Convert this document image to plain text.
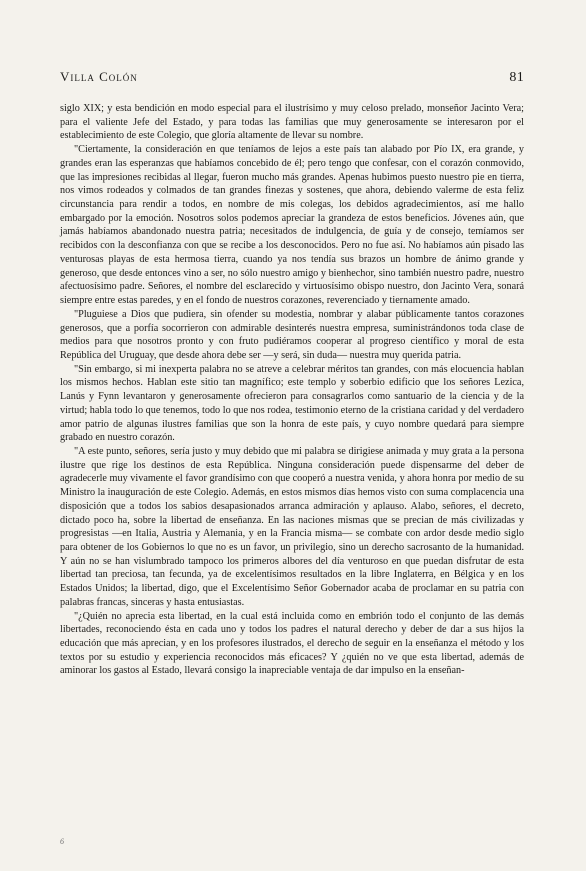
Villa Colón	81

siglo XIX; y esta bendición en modo especial para el ilustrísimo y muy celoso prelado, monseñor Jacinto Vera; para el valiente Jefe del Estado, y para todas las familias que muy generosamente se interesaron por el establecimiento de este Colegio, que gloría altamente de llevar su nombre.

"Ciertamente, la consideración en que teníamos de lejos a este país tan alabado por Pío IX, era grande, y grandes eran las esperanzas que habíamos concebido de él; pero tengo que confesar, con el corazón conmovido, que las impresiones recibidas al llegar, fueron mucho más grandes. Apenas hubimos puesto nuestro pie en tierra, nos vimos rodeados y colmados de tan grandes finezas y sostenes, que ahora, debiendo valerme de esta feliz circunstancia para rendir a todos, en nombre de mis colegas, los debidos agradecimientos, así me hallo embargado por la emoción. Nosotros solos podemos apreciar la grandeza de estos beneficios. Jóvenes aún, que jamás habíamos abandonado nuestra patria; necesitados de indulgencia, de guía y de consejo, temíamos ser recibidos con la desconfianza con que se recibe a los desconocidos. Pero no fue así. No habíamos aún pisado las venturosas playas de esta hermosa tierra, cuando ya nos tendía sus brazos un hombre de ánimo grande y generoso, que desde entonces vino a ser, no sólo nuestro amigo y bienhechor, sino también nuestro padre, nuestro afectuosísimo padre. Señores, el nombre del esclarecido y virtuosísimo obispo nuestro, don Jacinto Vera, sonará siempre entre estas paredes, y en el fondo de nuestros corazones, reverenciado y tiernamente amado.

"Pluguiese a Dios que pudiera, sin ofender su modestia, nombrar y alabar públicamente tantos corazones generosos, que a porfía socorrieron con admirable desinterés nuestra empresa, suministrándonos toda clase de medios para que nosotros pronto y con fruto pudiéramos cooperar al progreso científico y moral de esta República del Uruguay, que desde ahora debe ser —y será, sin duda— nuestra muy querida patria.

"Sin embargo, si mi inexperta palabra no se atreve a celebrar méritos tan grandes, con más elocuencia hablan los mismos hechos. Hablan este sitio tan magnífico; este templo y soberbio edificio que los señores Lezica, Lanús y Fynn levantaron y generosamente ofrecieron para consagrarlos como santuario de la ciencia y de la virtud; habla todo lo que tenemos, todo lo que nos rodea, testimonio eterno de la cristiana caridad y del verdadero amor patrio de algunas ilustres familias que son la honra de este país, y cuyo nombre quedará para siempre grabado en nuestro corazón.

"A este punto, señores, sería justo y muy debido que mi palabra se dirigiese animada y muy grata a la persona ilustre que rige los destinos de esta República. Ninguna consideración puede dispensarme del deber de agradecerle muy vivamente el favor grandísimo con que cooperó a nuestra venida, y ahora honra por medio de su Ministro la inauguración de este Colegio. Además, en estos mismos días hemos visto con suma complacencia una disposición que a todos los sabios desapasionados arranca admiración y aplauso. Alabo, señores, el decreto, dictado poco ha, sobre la libertad de enseñanza. En las naciones mismas que se precian de más civilizadas y progresistas —en Italia, Austria y Alemania, y en la Francia misma— se combate con ardor desde medio siglo para obtener de los Gobiernos lo que no es un favor, un privilegio, sino un derecho sacrosanto de la humanidad. Y aún no se han vislumbrado tampoco los primeros albores del día venturoso en que puedan disfrutar de esta libertad tan preciosa, tan fecunda, ya de excelentísimos resultados en la libre Inglaterra, en Bélgica y en los Estados Unidos; la libertad, digo, que el Excelentísimo Señor Gobernador acaba de proclamar en su patria con palabras francas, sinceras y hasta entusiastas.

"¿Quién no aprecia esta libertad, en la cual está incluida como en embrión todo el conjunto de las demás libertades, reconociendo ésta en cada uno y todos los padres el natural derecho y deber de dar a sus hijos la educación que más aprecian, y en los profesores ilustrados, el derecho de seguir en la enseñanza el método y los textos por su estudio y experiencia reconocidos más eficaces? Y ¿quién no ve que esta libertad, además de aminorar los gastos al Estado, llevará consigo la inapreciable ventaja de dar impulso en la enseñan-

6
